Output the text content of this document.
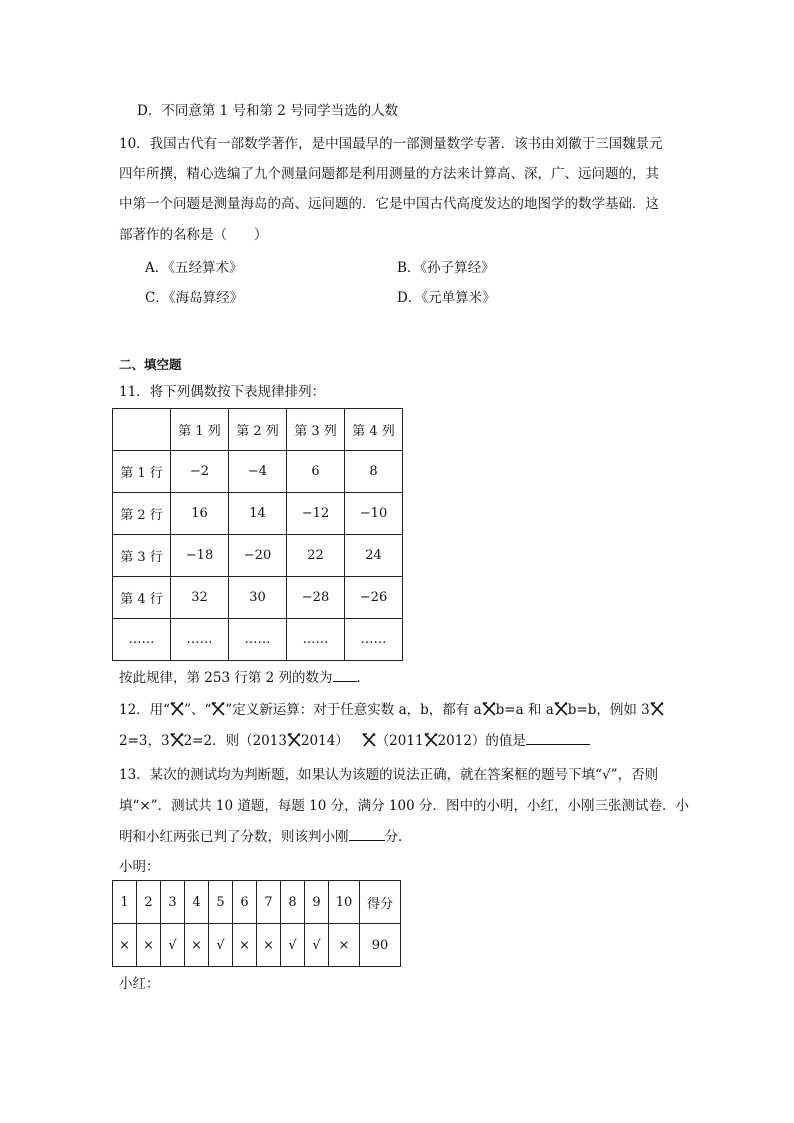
D．不同意第 1 号和第 2 号同学当选的人数
10．我国古代有一部数学著作，是中国最早的一部测量数学专著．该书由刘徽于三国魏景元
四年所撰，精心选编了九个测量问题都是利用测量的方法来计算高、深，广、远问题的，其
中第一个问题是测量海岛的高、远问题的．它是中国古代高度发达的地图学的数学基础．这
部著作的名称是（　　）
A．《五经算术》	B．《孙子算经》
C．《海岛算经》	D．《元单算米》
二、填空题
11．将下列偶数按下表规律排列：
	第 1 列	第 2 列	第 3 列	第 4 列
第 1 行	−2	−4	6	8
第 2 行	16	14	−12	−10
第 3 行	−18	−20	22	24
第 4 行	32	30	−28	−26
……	……	……	……	……
按此规律，第 253 行第 2 列的数为 ．
12．用“ ”、“ ”定义新运算：对于任意实数 a，b，都有 a b=a 和 a b=b，例如 3
2=3，3 2=2．则（2013 2014） （2011 2012）的值是
13．某次的测试均为判断题，如果认为该题的说法正确，就在答案框的题号下填“√”，否则
填“×”．测试共 10 道题，每题 10 分，满分 100 分．图中的小明，小红，小刚三张测试卷．小
明和小红两张已判了分数，则该判小刚	分．
小明：
1	2	3	4	5	6	7	8	9	10	得分
×	×	√	×	√	×	×	√	√	×	90
小红：
